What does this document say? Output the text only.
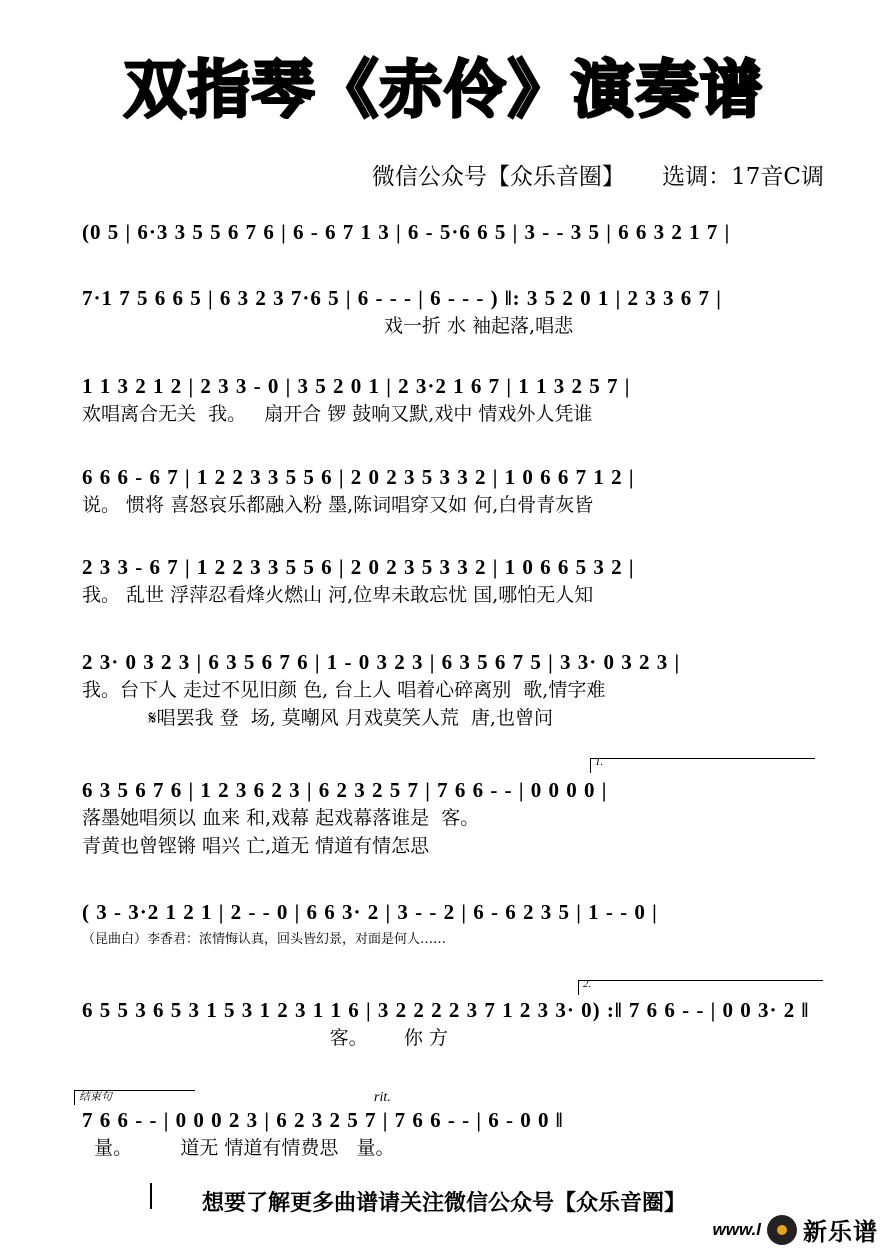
双指琴《赤伶》演奏谱
微信公众号【众乐音圈】 选调：17音C调
(0 5 | 6·3 3 5 5 6 7 6 | 6 - 6 7 1 3 | 6 - 5·6 6 5 | 3 - - 3 5 | 6 6 3 2 1 7 |
7·1 7 5 6 6 5 | 6 3 2 3 7·6 5 | 6 - - - | 6 - - - ) ‖: 3 5 2 0 1 | 2 3 3 6 7 |
戏一折 水 袖起落,唱悲
1 1 3 2 1 2 | 2 3 3 - 0 | 3 5 2 0 1 | 2 3·2 1 6 7 | 1 1 3 2 5 7 |
欢唱离合无关  我。   扇开合 锣 鼓响又默,戏中 情戏外人凭谁
6 6 6 - 6 7 | 1 2 2 3 3 5 5 6 | 2 0 2 3 5 3 3 2 | 1 0 6 6 7 1 2 |
说。 惯将 喜怒哀乐都融入粉 墨,陈词唱穿又如 何,白骨青灰皆
2 3 3 - 6 7 | 1 2 2 3 3 5 5 6 | 2 0 2 3 5 3 3 2 | 1 0 6 6 5 3 2 |
我。 乱世 浮萍忍看烽火燃山 河,位卑未敢忘忧 国,哪怕无人知
2 3· 0 3 2 3 | 6 3 5 6 7 6 | 1 - 0 3 2 3 | 6 3 5 6 7 5 | 3 3· 0 3 2 3 |
我。台下人 走过不见旧颜 色, 台上人 唱着心碎离别  歌,情字难
𝄋唱罢我 登  场, 莫嘲风 月戏莫笑人荒  唐,也曾问
1.
6 3 5 6 7 6 | 1 2 3 6 2 3 | 6 2 3 2 5 7 | 7 6 6 - - | 0 0 0 0 |
落墨她唱须以 血来 和,戏幕 起戏幕落谁是  客。
青黄也曾铿锵 唱兴 亡,道无 情道有情怎思
( 3 - 3·2 1 2 1 | 2 - - 0 | 6 6 3· 2 | 3 - - 2 | 6 - 6 2 3 5 | 1 - - 0 |
（昆曲白）李香君：浓情悔认真，回头皆幻景，对面是何人……
2.
6 5 5 3 6 5 3 1 5 3 1 2 3 1 1 6 | 3 2 2 2 2 3 7 1 2 3 3· 0) :‖ 7 6 6 - - | 0 0 3· 2 ‖
客。      你 方
结束句	rit.
7 6 6 - - | 0 0 0 2 3 | 6 2 3 2 5 7 | 7 6 6 - - | 6 - 0 0 ‖
量。        道无 情道有情费思   量。
想要了解更多曲谱请关注微信公众号【众乐音圈】
www.l 新乐谱
